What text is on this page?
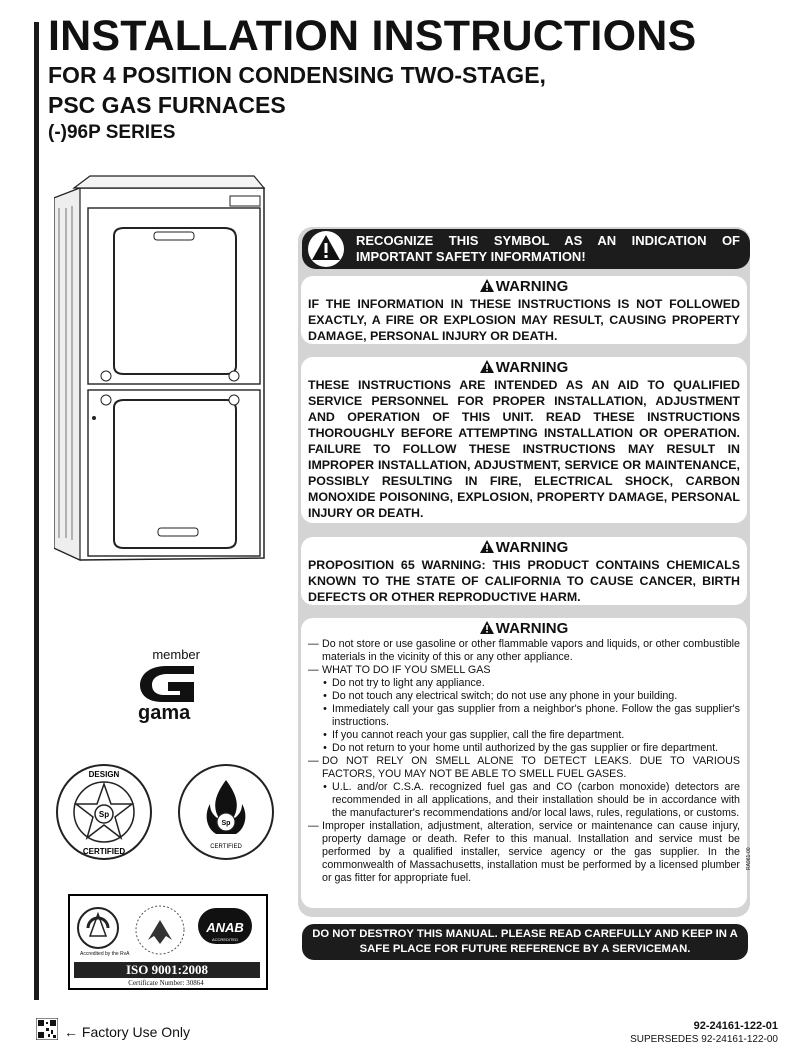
INSTALLATION INSTRUCTIONS
FOR 4 POSITION CONDENSING TWO-STAGE,
PSC GAS FURNACES
(-)96P SERIES
member
gama
Sp
DESIGN
CERTIFIED
Sp
CERTIFIED
ANAB
ACCREDITED
Accredited by the RvA
ISO 9001:2008
Certificate Number: 30864
RECOGNIZE THIS SYMBOL AS AN INDICATION OF IMPORTANT SAFETY INFORMATION!
WARNING
IF THE INFORMATION IN THESE INSTRUCTIONS IS NOT FOLLOWED EXACTLY, A FIRE OR EXPLOSION MAY RESULT, CAUSING PROPERTY DAMAGE, PERSONAL INJURY OR DEATH.
WARNING
THESE INSTRUCTIONS ARE INTENDED AS AN AID TO QUALIFIED SERVICE PERSONNEL FOR PROPER INSTALLATION, ADJUSTMENT AND OPERATION OF THIS UNIT. READ THESE INSTRUCTIONS THOROUGHLY BEFORE ATTEMPTING INSTALLATION OR OPERATION. FAILURE TO FOLLOW THESE INSTRUCTIONS MAY RESULT IN IMPROPER INSTALLATION, ADJUSTMENT, SERVICE OR MAINTENANCE, POSSIBLY RESULTING IN FIRE, ELECTRICAL SHOCK, CARBON MONOXIDE POISONING, EXPLOSION, PROPERTY DAMAGE, PERSONAL INJURY OR DEATH.
WARNING
PROPOSITION 65 WARNING: THIS PRODUCT CONTAINS CHEMICALS KNOWN TO THE STATE OF CALIFORNIA TO CAUSE CANCER, BIRTH DEFECTS OR OTHER REPRODUCTIVE HARM.
WARNING
— Do not store or use gasoline or other flammable vapors and liquids, or other combustible materials in the vicinity of this or any other appliance.
— WHAT TO DO IF YOU SMELL GAS
• Do not try to light any appliance.
• Do not touch any electrical switch; do not use any phone in your building.
• Immediately call your gas supplier from a neighbor's phone. Follow the gas supplier's instructions.
• If you cannot reach your gas supplier, call the fire department.
• Do not return to your home until authorized by the gas supplier or fire department.
— DO NOT RELY ON SMELL ALONE TO DETECT LEAKS. DUE TO VARIOUS FACTORS, YOU MAY NOT BE ABLE TO SMELL FUEL GASES.
• U.L. and/or C.S.A. recognized fuel gas and CO (carbon monoxide) detectors are recommended in all applications, and their installation should be in accordance with the manufacturer's recommendations and/or local laws, rules, regulations, or customs.
— Improper installation, adjustment, alteration, service or maintenance can cause injury, property damage or death. Refer to this manual. Installation and service must be performed by a qualified installer, service agency or the gas supplier. In the commonwealth of Massachusetts, installation must be performed by a licensed plumber or gas fitter for appropriate fuel.
RA961-00
DO NOT DESTROY THIS MANUAL. PLEASE READ CAREFULLY AND KEEP IN A SAFE PLACE FOR FUTURE REFERENCE BY A SERVICEMAN.
← Factory Use Only	92-24161-122-01
SUPERSEDES 92-24161-122-00
